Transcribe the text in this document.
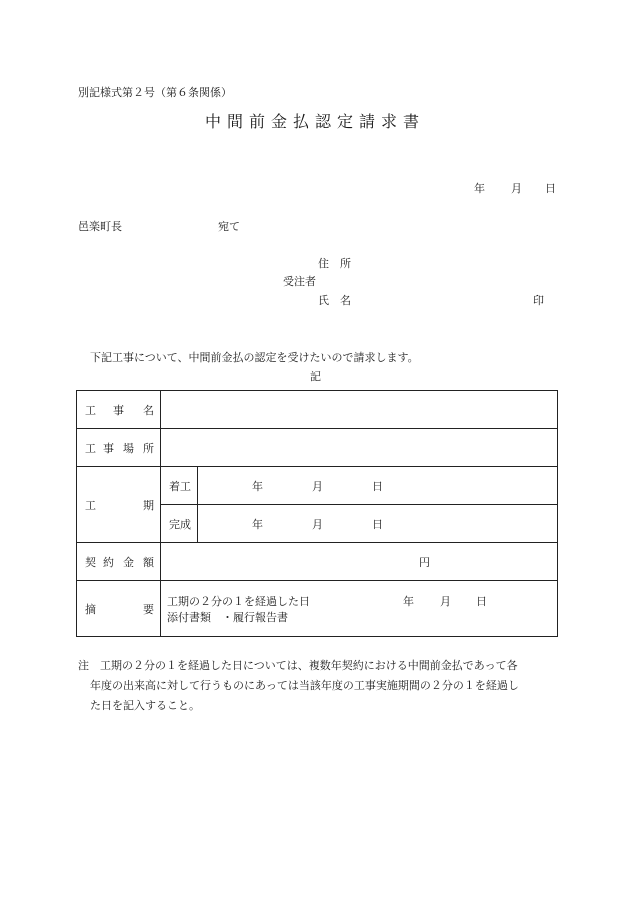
別記様式第２号（第６条関係）
中間前金払認定請求書
年 月 日
邑楽町長	宛て
住　所
受注者
氏　名	印
下記工事について、中間前金払の認定を受けたいので請求します。
記
工 事 名		

工 事 場 所		

工 期	着工	年 月 日

	完成	年 月 日

契 約 金 額	円	

摘 要	工期の２分の１を経過した日 年 月 日
添付書類　・履行報告書	
注　工期の２分の１を経過した日については、複数年契約における中間前金払であって各
年度の出来高に対して行うものにあっては当該年度の工事実施期間の２分の１を経過し
た日を記入すること。
